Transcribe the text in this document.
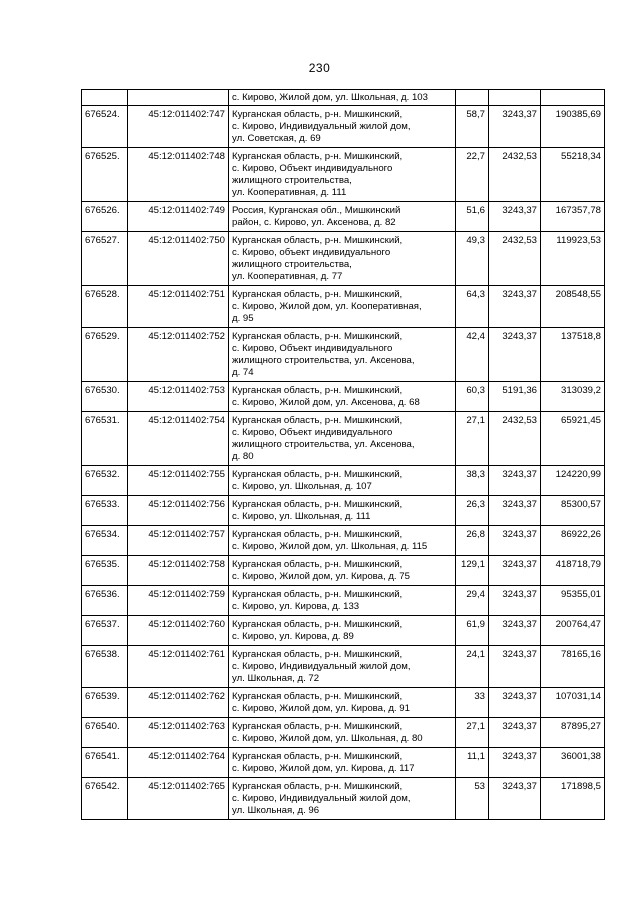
230
		с. Кирово, Жилой дом, ул. Школьная, д. 103			
676524.	45:12:011402:747	Курганская область, р-н. Мишкинский,
с. Кирово, Индивидуальный жилой дом,
ул. Советская, д. 69	58,7	3243,37	190385,69
676525.	45:12:011402:748	Курганская область, р-н. Мишкинский,
с. Кирово, Объект индивидуального
жилищного строительства,
ул. Кооперативная, д. 111	22,7	2432,53	55218,34
676526.	45:12:011402:749	Россия, Курганская обл., Мишкинский
район, с. Кирово, ул. Аксенова, д. 82	51,6	3243,37	167357,78
676527.	45:12:011402:750	Курганская область, р-н. Мишкинский,
с. Кирово, объект индивидуального
жилищного строительства,
ул. Кооперативная, д. 77	49,3	2432,53	119923,53
676528.	45:12:011402:751	Курганская область, р-н. Мишкинский,
с. Кирово, Жилой дом, ул. Кооперативная,
д. 95	64,3	3243,37	208548,55
676529.	45:12:011402:752	Курганская область, р-н. Мишкинский,
с. Кирово, Объект индивидуального
жилищного строительства, ул. Аксенова,
д. 74	42,4	3243,37	137518,8
676530.	45:12:011402:753	Курганская область, р-н. Мишкинский,
с. Кирово, Жилой дом, ул. Аксенова, д. 68	60,3	5191,36	313039,2
676531.	45:12:011402:754	Курганская область, р-н. Мишкинский,
с. Кирово, Объект индивидуального
жилищного строительства, ул. Аксенова,
д. 80	27,1	2432,53	65921,45
676532.	45:12:011402:755	Курганская область, р-н. Мишкинский,
с. Кирово, ул. Школьная, д. 107	38,3	3243,37	124220,99
676533.	45:12:011402:756	Курганская область, р-н. Мишкинский,
с. Кирово, ул. Школьная, д. 111	26,3	3243,37	85300,57
676534.	45:12:011402:757	Курганская область, р-н. Мишкинский,
с. Кирово, Жилой дом, ул. Школьная, д. 115	26,8	3243,37	86922,26
676535.	45:12:011402:758	Курганская область, р-н. Мишкинский,
с. Кирово, Жилой дом, ул. Кирова, д. 75	129,1	3243,37	418718,79
676536.	45:12:011402:759	Курганская область, р-н. Мишкинский,
с. Кирово, ул. Кирова, д. 133	29,4	3243,37	95355,01
676537.	45:12:011402:760	Курганская область, р-н. Мишкинский,
с. Кирово, ул. Кирова, д. 89	61,9	3243,37	200764,47
676538.	45:12:011402:761	Курганская область, р-н. Мишкинский,
с. Кирово, Индивидуальный жилой дом,
ул. Школьная, д. 72	24,1	3243,37	78165,16
676539.	45:12:011402:762	Курганская область, р-н. Мишкинский,
с. Кирово, Жилой дом, ул. Кирова, д. 91	33	3243,37	107031,14
676540.	45:12:011402:763	Курганская область, р-н. Мишкинский,
с. Кирово, Жилой дом, ул. Школьная, д. 80	27,1	3243,37	87895,27
676541.	45:12:011402:764	Курганская область, р-н. Мишкинский,
с. Кирово, Жилой дом, ул. Кирова, д. 117	11,1	3243,37	36001,38
676542.	45:12:011402:765	Курганская область, р-н. Мишкинский,
с. Кирово, Индивидуальный жилой дом,
ул. Школьная, д. 96	53	3243,37	171898,5
